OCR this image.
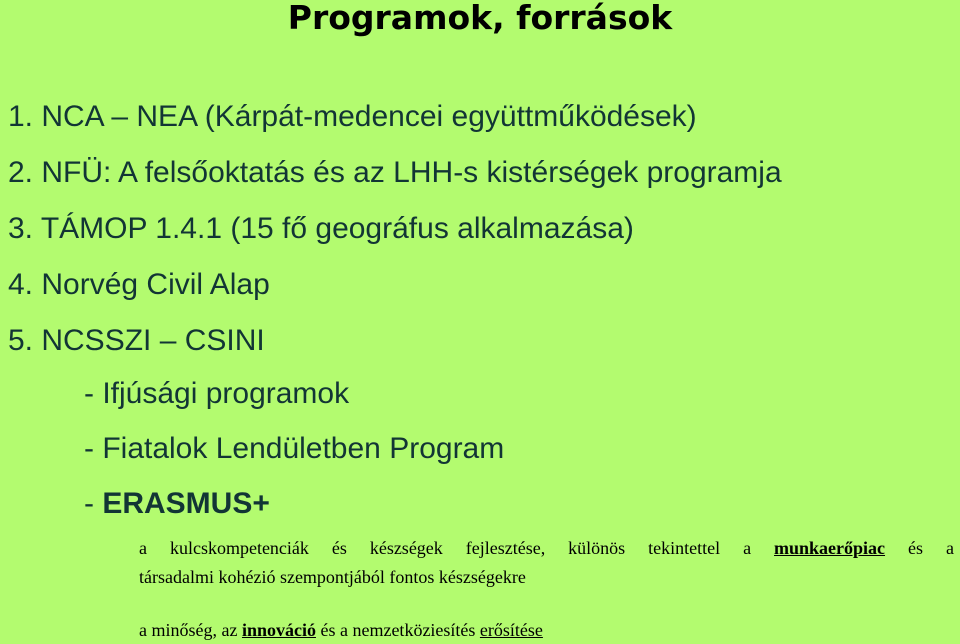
Programok, források
1. NCA – NEA (Kárpát-medencei együttműködések)
2. NFÜ: A felsőoktatás és az LHH-s kistérségek programja
3. TÁMOP 1.4.1 (15 fő geográfus alkalmazása)
4. Norvég Civil Alap
5. NCSSZI – CSINI
- Ifjúsági programok
- Fiatalok Lendületben Program
- ERASMUS+
a kulcskompetenciák és készségek fejlesztése, különös tekintettel a munkaerőpiac és a
társadalmi kohézió szempontjából fontos készségekre
a minőség, az innováció és a nemzetköziesítés erősítése
